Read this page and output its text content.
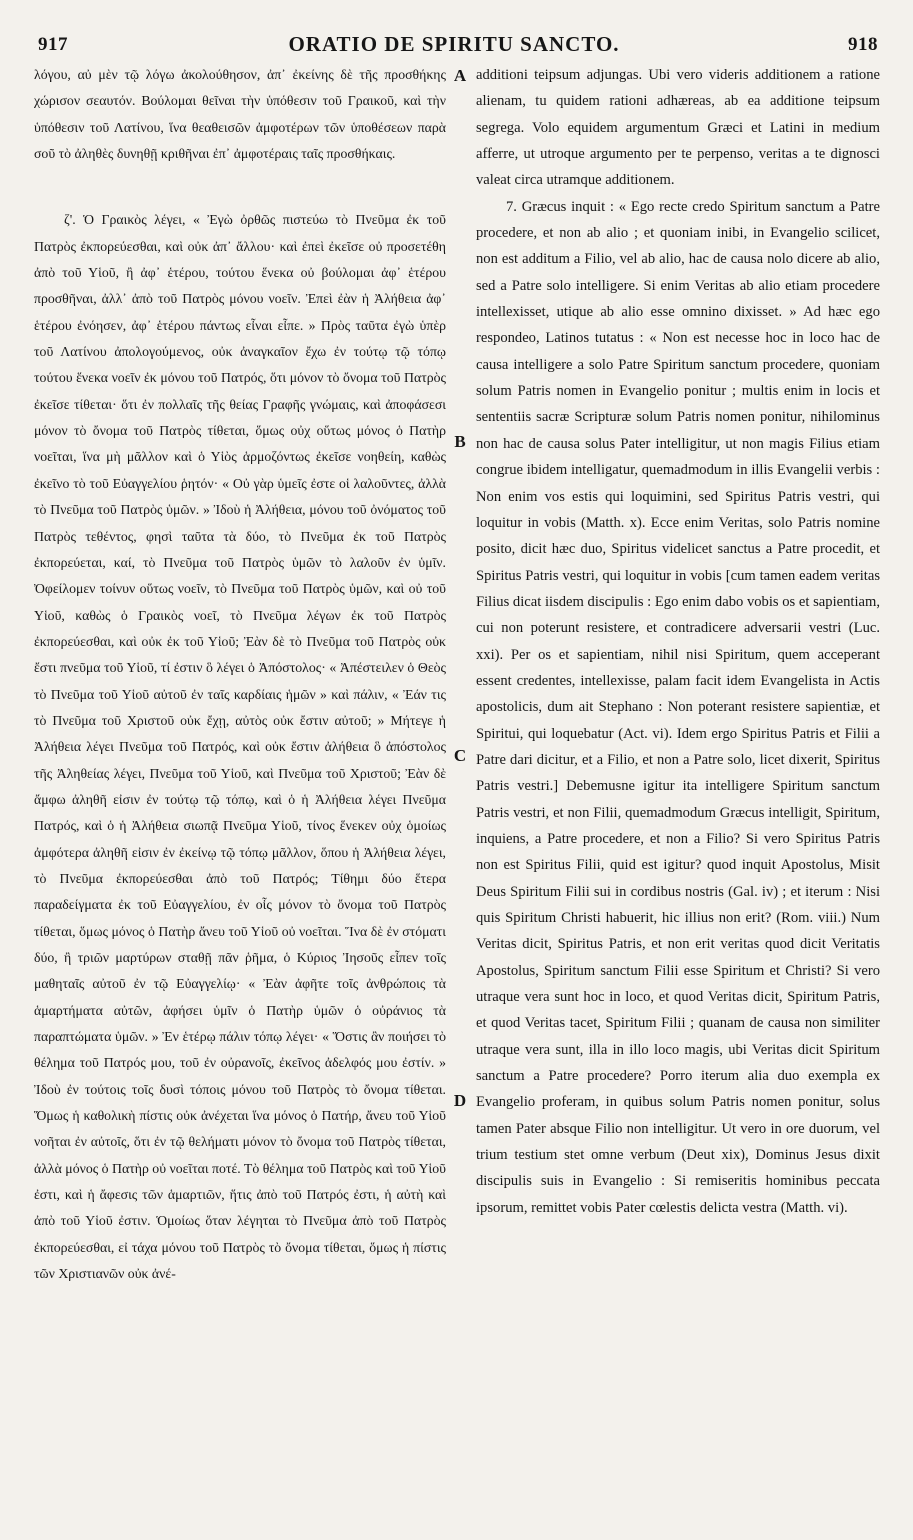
917	ORATIO DE SPIRITU SANCTO.	918

λόγου, αὐ μὲν τῷ λόγω ἀκολούθησον, ἀπ᾽ ἐκείνης δὲ τῆς προσθήκης χώρισον σεαυτόν. Βούλομαι θεῖναι τὴν ὑπόθεσιν τοῦ Γραικοῦ, καὶ τὴν ὑπόθεσιν τοῦ Λατίνου, ἵνα θεαθεισῶν ἀμφοτέρων τῶν ὑποθέσεων παρὰ σοῦ τὸ ἀληθὲς δυνηθῇ κριθῆναι ἐπ᾽ ἀμφοτέραις ταῖς προσθήκαις.

ζ'. Ὁ Γραικὸς λέγει, « Ἐγὼ ὀρθῶς πιστεύω τὸ Πνεῦμα ἐκ τοῦ Πατρὸς ἐκπορεύεσθαι, καὶ οὐκ ἀπ᾽ ἄλλου· καὶ ἐπεὶ ἐκεῖσε οὐ προσετέθη ἀπὸ τοῦ Υἱοῦ, ἢ ἀφ᾽ ἑτέρου, τούτου ἕνεκα οὐ βούλομαι ἀφ᾽ ἑτέρου προσθῆναι, ἀλλ᾽ ἀπὸ τοῦ Πατρὸς μόνου νοεῖν. Ἐπεὶ ἐὰν ἡ Ἀλήθεια ἀφ᾽ ἑτέρου ἐνόησεν, ἀφ᾽ ἑτέρου πάντως εἶναι εἶπε. » Πρὸς ταῦτα ἐγὼ ὑπὲρ τοῦ Λατίνου ἀπολογούμενος, οὐκ ἀναγκαῖον ἔχω ἐν τούτῳ τῷ τόπῳ τούτου ἕνεκα νοεῖν ἐκ μόνου τοῦ Πατρός, ὅτι μόνον τὸ ὄνομα τοῦ Πατρὸς ἐκεῖσε τίθεται· ὅτι ἐν πολλαῖς τῆς θείας Γραφῆς γνώμαις, καὶ ἀποφάσεσι μόνον τὸ ὄνομα τοῦ Πατρὸς τίθεται, ὅμως οὐχ οὕτως μόνος ὁ Πατὴρ νοεῖται, ἵνα μὴ μᾶλλον καὶ ὁ Υἱὸς ἁρμοζόντως ἐκεῖσε νοηθείη, καθὼς ἐκεῖνο τὸ τοῦ Εὐαγγελίου ῥητόν· « Οὐ γὰρ ὑμεῖς ἐστε οἱ λαλοῦντες, ἀλλὰ τὸ Πνεῦμα τοῦ Πατρὸς ὑμῶν. » Ἰδοὺ ἡ Ἀλήθεια, μόνου τοῦ ὀνόματος τοῦ Πατρὸς τεθέντος, φησὶ ταῦτα τὰ δύο, τὸ Πνεῦμα ἐκ τοῦ Πατρὸς ἐκπορεύεται, καί, τὸ Πνεῦμα τοῦ Πατρὸς ὑμῶν τὸ λαλοῦν ἐν ὑμῖν. Ὀφείλομεν τοίνυν οὕτως νοεῖν, τὸ Πνεῦμα τοῦ Πατρὸς ὑμῶν, καὶ οὐ τοῦ Υἱοῦ, καθὼς ὁ Γραικὸς νοεῖ, τὸ Πνεῦμα λέγων ἐκ τοῦ Πατρὸς ἐκπορεύεσθαι, καὶ οὐκ ἐκ τοῦ Υἱοῦ; Ἐὰν δὲ τὸ Πνεῦμα τοῦ Πατρὸς οὐκ ἔστι πνεῦμα τοῦ Υἱοῦ, τί ἐστιν ὃ λέγει ὁ Ἀπόστολος· « Ἀπέστειλεν ὁ Θεὸς τὸ Πνεῦμα τοῦ Υἱοῦ αὐτοῦ ἐν ταῖς καρδίαις ἡμῶν » καὶ πάλιν, « Ἐάν τις τὸ Πνεῦμα τοῦ Χριστοῦ οὐκ ἔχῃ, αὐτὸς οὐκ ἔστιν αὐτοῦ; » Μήτεγε ἡ Ἀλήθεια λέγει Πνεῦμα τοῦ Πατρός, καὶ οὐκ ἔστιν ἀλήθεια ὃ ἀπόστολος τῆς Ἀληθείας λέγει, Πνεῦμα τοῦ Υἱοῦ, καὶ Πνεῦμα τοῦ Χριστοῦ; Ἐὰν δὲ ἄμφω ἀληθῆ εἰσιν ἐν τούτῳ τῷ τόπῳ, καὶ ὁ ἡ Ἀλήθεια λέγει Πνεῦμα Πατρός, καὶ ὁ ἡ Ἀλήθεια σιωπᾷ Πνεῦμα Υἱοῦ, τίνος ἕνεκεν οὐχ ὁμοίως ἀμφότερα ἀληθῆ εἰσιν ἐν ἐκείνῳ τῷ τόπῳ μᾶλλον, ὅπου ἡ Ἀλήθεια λέγει, τὸ Πνεῦμα ἐκπορεύεσθαι ἀπὸ τοῦ Πατρός; Τίθημι δύο ἕτερα παραδείγματα ἐκ τοῦ Εὐαγγελίου, ἐν οἷς μόνον τὸ ὄνομα τοῦ Πατρὸς τίθεται, ὅμως μόνος ὁ Πατὴρ ἄνευ τοῦ Υἱοῦ οὐ νοεῖται. Ἵνα δὲ ἐν στόματι δύο, ἢ τριῶν μαρτύρων σταθῇ πᾶν ῥῆμα, ὁ Κύριος Ἰησοῦς εἶπεν τοῖς μαθηταῖς αὐτοῦ ἐν τῷ Εὐαγγελίῳ· « Ἐὰν ἀφῆτε τοῖς ἀνθρώποις τὰ ἁμαρτήματα αὐτῶν, ἀφήσει ὑμῖν ὁ Πατὴρ ὑμῶν ὁ οὐράνιος τὰ παραπτώματα ὑμῶν. » Ἐν ἑτέρῳ πάλιν τόπῳ λέγει· « Ὅστις ἂν ποιήσει τὸ θέλημα τοῦ Πατρός μου, τοῦ ἐν οὐρανοῖς, ἐκεῖνος ἀδελφός μου ἐστίν. » Ἰδοὺ ἐν τούτοις τοῖς δυσὶ τόποις μόνου τοῦ Πατρὸς τὸ ὄνομα τίθεται. Ὅμως ἡ καθολικὴ πίστις οὐκ ἀνέχεται ἵνα μόνος ὁ Πατήρ, ἄνευ τοῦ Υἱοῦ νοῆται ἐν αὐτοῖς, ὅτι ἐν τῷ θελήματι μόνον τὸ ὄνομα τοῦ Πατρὸς τίθεται, ἀλλὰ μόνος ὁ Πατὴρ οὐ νοεῖται ποτέ. Τὸ θέλημα τοῦ Πατρὸς καὶ τοῦ Υἱοῦ ἐστι, καὶ ἡ ἄφεσις τῶν ἁμαρτιῶν, ἥτις ἀπὸ τοῦ Πατρός ἐστι, ἡ αὐτὴ καὶ ἀπὸ τοῦ Υἱοῦ ἐστιν. Ὁμοίως ὅταν λέγηται τὸ Πνεῦμα ἀπὸ τοῦ Πατρὸς ἐκπορεύεσθαι, εἰ τάχα μόνου τοῦ Πατρὸς τὸ ὄνομα τίθεται, ὅμως ἡ πίστις τῶν Χριστιανῶν οὐκ ἀνέ-

A
B
C
D

additioni teipsum adjungas. Ubi vero videris additionem a ratione alienam, tu quidem rationi adhæreas, ab ea additione teipsum segrega. Volo equidem argumentum Græci et Latini in medium afferre, ut utroque argumento per te perpenso, veritas a te dignosci valeat circa utramque additionem.

7. Græcus inquit : « Ego recte credo Spiritum sanctum a Patre procedere, et non ab alio ; et quoniam inibi, in Evangelio scilicet, non est additum a Filio, vel ab alio, hac de causa nolo dicere ab alio, sed a Patre solo intelligere. Si enim Veritas ab alio etiam procedere intellexisset, utique ab alio esse omnino dixisset. » Ad hæc ego respondeo, Latinos tutatus : « Non est necesse hoc in loco hac de causa intelligere a solo Patre Spiritum sanctum procedere, quoniam solum Patris nomen in Evangelio ponitur ; multis enim in locis et sententiis sacræ Scripturæ solum Patris nomen ponitur, nihilominus non hac de causa solus Pater intelligitur, ut non magis Filius etiam congrue ibidem intelligatur, quemadmodum in illis Evangelii verbis : Non enim vos estis qui loquimini, sed Spiritus Patris vestri, qui loquitur in vobis (Matth. x). Ecce enim Veritas, solo Patris nomine posito, dicit hæc duo, Spiritus videlicet sanctus a Patre procedit, et Spiritus Patris vestri, qui loquitur in vobis [cum tamen eadem veritas Filius dicat iisdem discipulis : Ego enim dabo vobis os et sapientiam, cui non poterunt resistere, et contradicere adversarii vestri (Luc. xxi). Per os et sapientiam, nihil nisi Spiritum, quem acceperant essent credentes, intellexisse, palam facit idem Evangelista in Actis apostolicis, dum ait Stephano : Non poterant resistere sapientiæ, et Spiritui, qui loquebatur (Act. vi). Idem ergo Spiritus Patris et Filii a Patre dari dicitur, et a Filio, et non a Patre solo, licet dixerit, Spiritus Patris vestri.] Debemusne igitur ita intelligere Spiritum sanctum Patris vestri, et non Filii, quemadmodum Græcus intelligit, Spiritum, inquiens, a Patre procedere, et non a Filio? Si vero Spiritus Patris non est Spiritus Filii, quid est igitur? quod inquit Apostolus, Misit Deus Spiritum Filii sui in cordibus nostris (Gal. iv) ; et iterum : Nisi quis Spiritum Christi habuerit, hic illius non erit? (Rom. viii.) Num Veritas dicit, Spiritus Patris, et non erit veritas quod dicit Veritatis Apostolus, Spiritum sanctum Filii esse Spiritum et Christi? Si vero utraque vera sunt hoc in loco, et quod Veritas dicit, Spiritum Patris, et quod Veritas tacet, Spiritum Filii ; quanam de causa non similiter utraque vera sunt, illa in illo loco magis, ubi Veritas dicit Spiritum sanctum a Patre procedere? Porro iterum alia duo exempla ex Evangelio proferam, in quibus solum Patris nomen ponitur, solus tamen Pater absque Filio non intelligitur. Ut vero in ore duorum, vel trium testium stet omne verbum (Deut xix), Dominus Jesus dixit discipulis suis in Evangelio : Si remiseritis hominibus peccata ipsorum, remittet vobis Pater cœlestis delicta vestra (Matth. vi).
